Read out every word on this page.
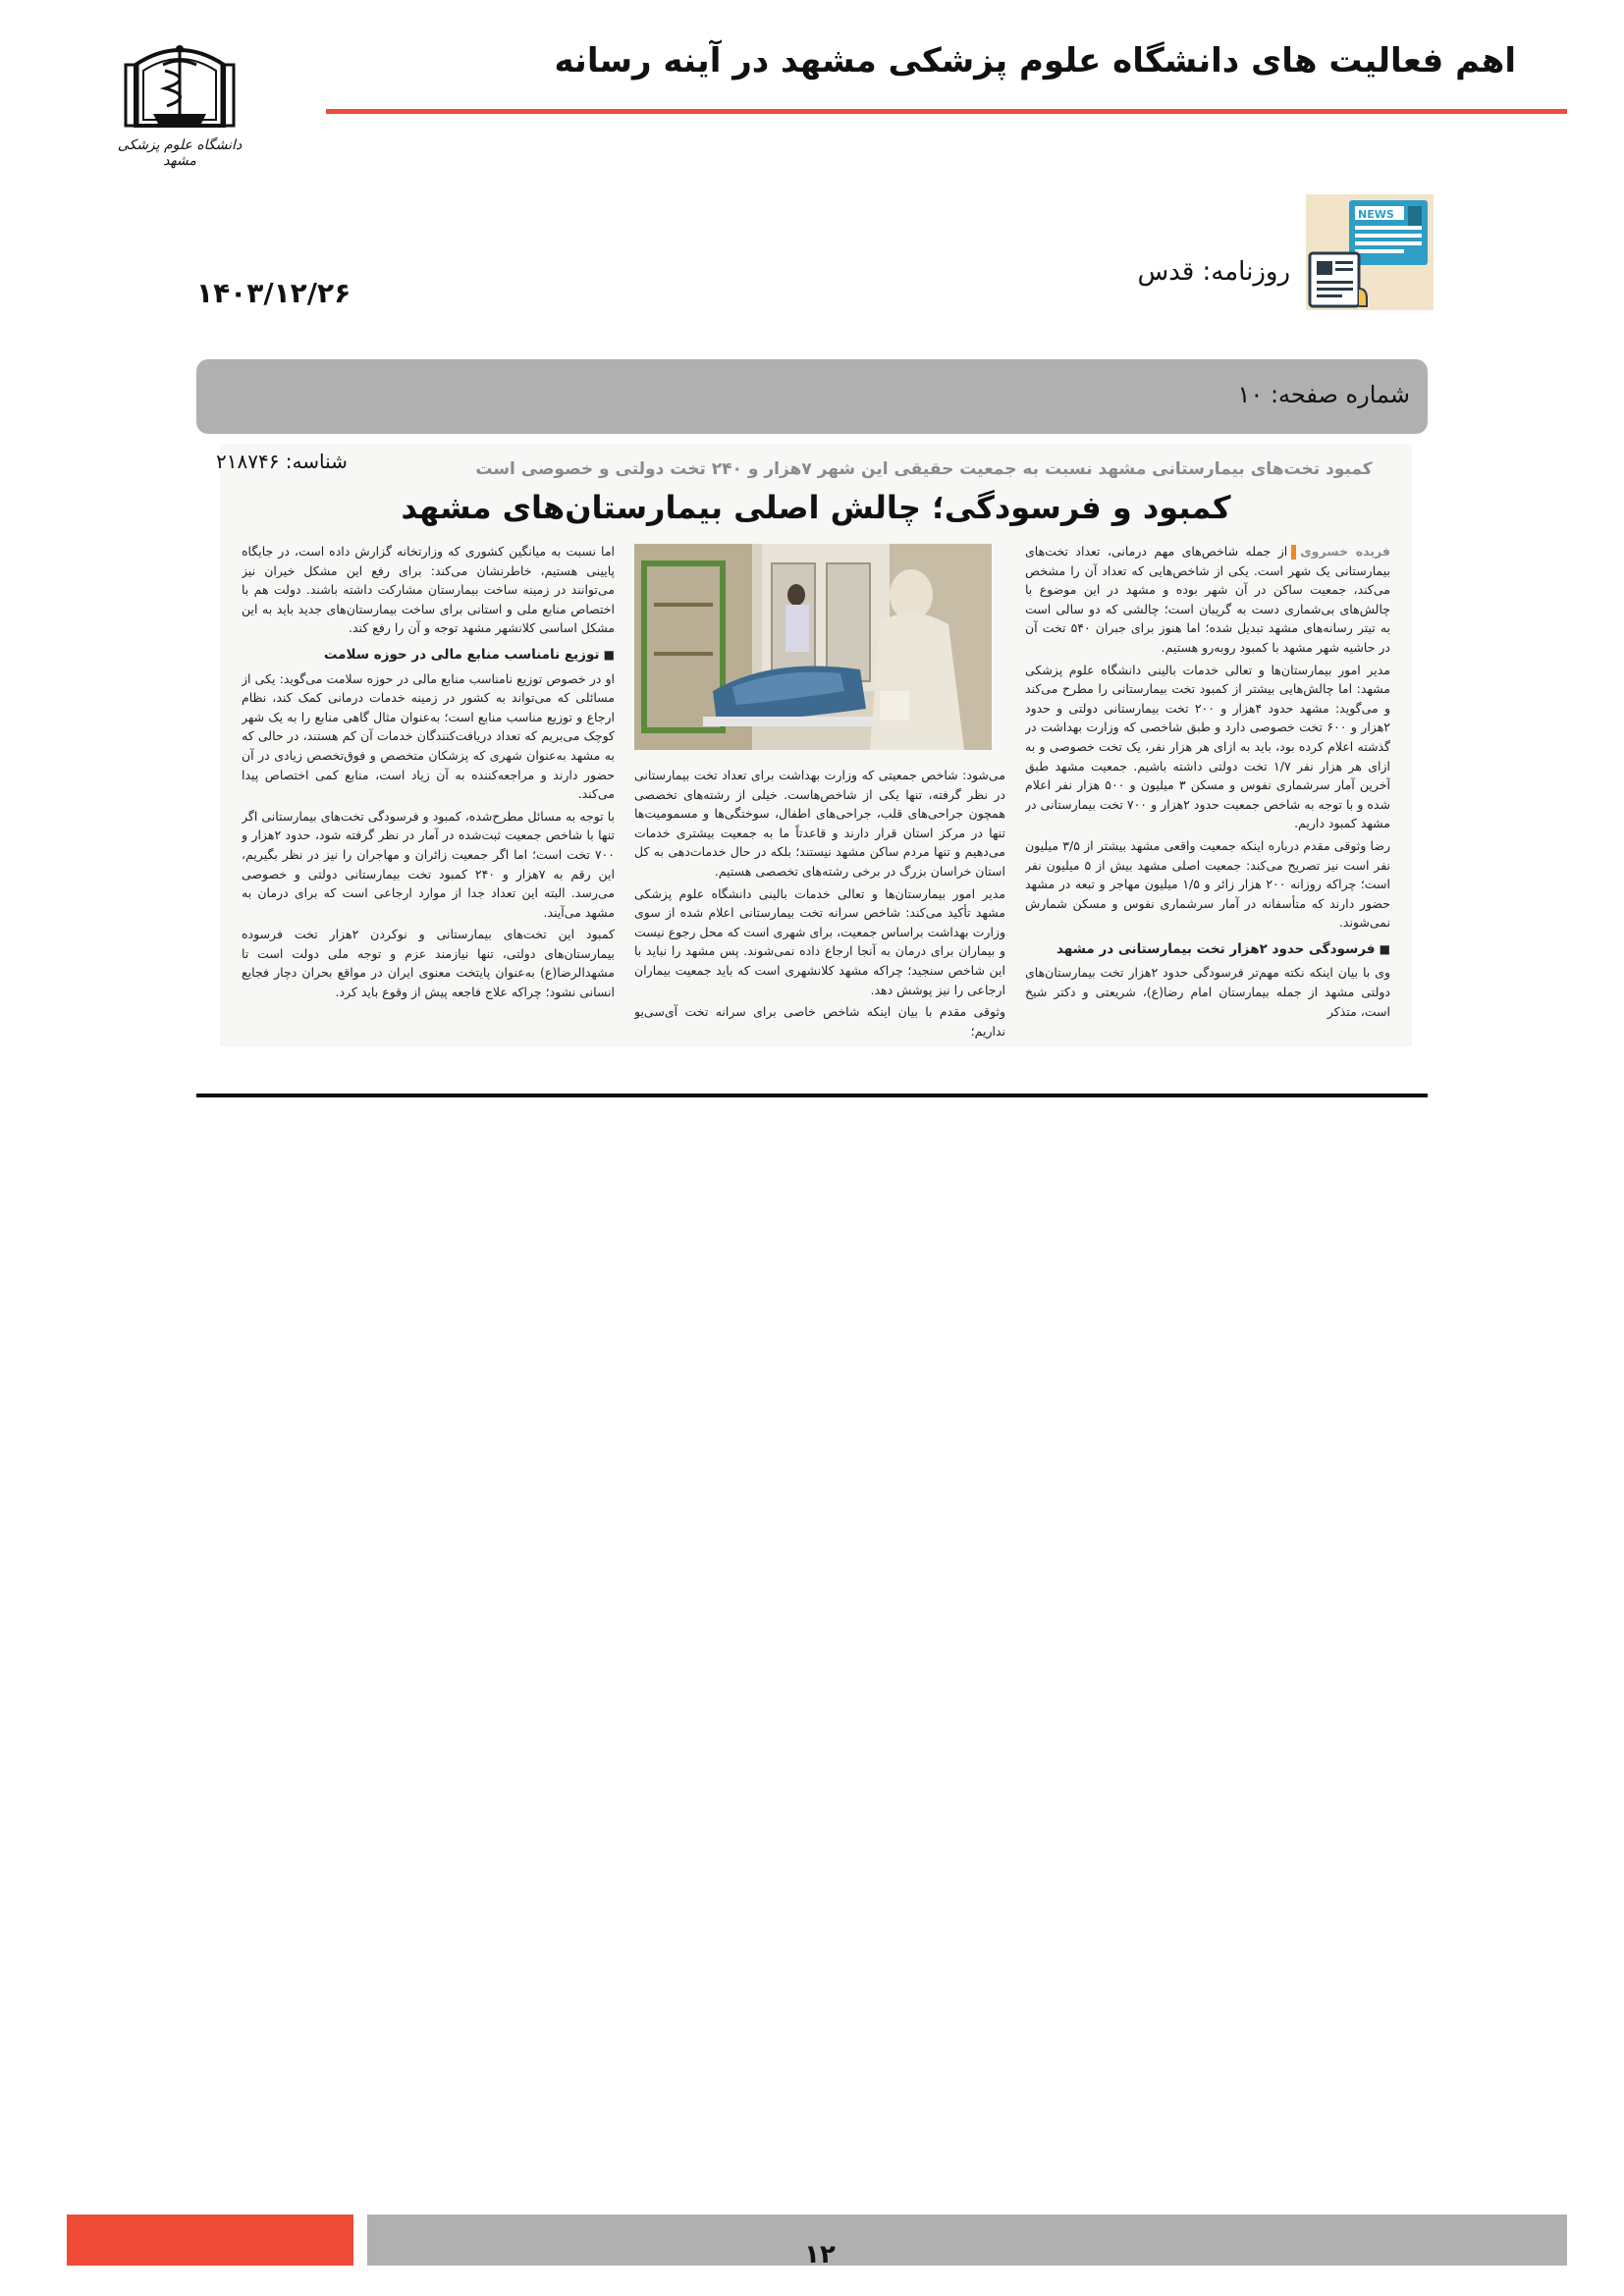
اهم فعالیت های دانشگاه علوم پزشکی مشهد در آینه رسانه
دانشگاه علوم پزشکی مشهد
NEWS
روزنامه: قدس
۱۴۰۳/۱۲/۲۶
شماره صفحه: ۱۰
کمبود تخت‌های بیمارستانی مشهد نسبت به جمعیت حقیقی این شهر ۷هزار و ۲۴۰ تخت دولتی و خصوصی است
کمبود و فرسودگی؛ چالش اصلی بیمارستان‌های مشهد

فریده خسرویاز جمله شاخص‌های مهم درمانی، تعداد تخت‌های بیمارستانی یک شهر است. یکی از شاخص‌هایی که تعداد آن را مشخص می‌کند، جمعیت ساکن در آن شهر بوده و مشهد در این موضوع با چالش‌های بی‌شماری دست به گریبان است؛ چالشی که دو سالی است به تیتر رسانه‌های مشهد تبدیل شده؛ اما هنوز برای جبران ۵۴۰ تخت آن در حاشیه شهر مشهد با کمبود روبه‌رو هستیم.

مدیر امور بیمارستان‌ها و تعالی خدمات بالینی دانشگاه علوم پزشکی مشهد: اما چالش‌هایی بیشتر از کمبود تخت بیمارستانی را مطرح می‌کند و می‌گوید: مشهد حدود ۴هزار و ۲۰۰ تخت بیمارستانی دولتی و حدود ۲هزار و ۶۰۰ تخت خصوصی دارد و طبق شاخصی که وزارت بهداشت در گذشته اعلام کرده بود، باید به ازای هر هزار نفر، یک تخت خصوصی و به ازای هر هزار نفر ۱/۷ تخت دولتی داشته باشیم. جمعیت مشهد طبق آخرین آمار سرشماری نفوس و مسکن ۳ میلیون و ۵۰۰ هزار نفر اعلام شده و با توجه به شاخص جمعیت حدود ۲هزار و ۷۰۰ تخت بیمارستانی در مشهد کمبود داریم.

رضا وثوقی مقدم درباره اینکه جمعیت واقعی مشهد بیشتر از ۳/۵ میلیون نفر است نیز تصریح می‌کند: جمعیت اصلی مشهد بیش از ۵ میلیون نفر است؛ چراکه روزانه ۲۰۰ هزار زائر و ۱/۵ میلیون مهاجر و تبعه در مشهد حضور دارند که متأسفانه در آمار سرشماری نفوس و مسکن شمارش نمی‌شوند.

■ فرسودگی حدود ۲هزار تخت بیمارستانی در مشهد

وی با بیان اینکه نکته مهم‌تر فرسودگی حدود ۲هزار تخت بیمارستان‌های دولتی مشهد از جمله بیمارستان امام رضا(ع)، شریعتی و دکتر شیخ است، متذکر

می‌شود: شاخص جمعیتی که وزارت بهداشت برای تعداد تخت بیمارستانی در نظر گرفته، تنها یکی از شاخص‌هاست. خیلی از رشته‌های تخصصی همچون جراحی‌های قلب، جراحی‌های اطفال، سوختگی‌ها و مسمومیت‌ها تنها در مرکز استان قرار دارند و قاعدتاً ما به جمعیت بیشتری خدمات می‌دهیم و تنها مردم ساکن مشهد نیستند؛ بلکه در حال خدمات‌دهی به کل استان خراسان بزرگ در برخی رشته‌های تخصصی هستیم.

مدیر امور بیمارستان‌ها و تعالی خدمات بالینی دانشگاه علوم پزشکی مشهد تأکید می‌کند: شاخص سرانه تخت بیمارستانی اعلام شده از سوی وزارت بهداشت براساس جمعیت، برای شهری است که محل رجوع نیست و بیماران برای درمان به آنجا ارجاع داده نمی‌شوند. پس مشهد را نباید با این شاخص سنجید؛ چراکه مشهد کلانشهری است که باید جمعیت بیماران ارجاعی را نیز پوشش دهد.

وثوقی مقدم با بیان اینکه شاخص خاصی برای سرانه تخت آی‌سی‌یو نداریم؛

اما نسبت به میانگین کشوری که وزارتخانه گزارش داده است، در جایگاه پایینی هستیم، خاطرنشان می‌کند: برای رفع این مشکل خیران نیز می‌توانند در زمینه ساخت بیمارستان مشارکت داشته باشند. دولت هم با اختصاص منابع ملی و استانی برای ساخت بیمارستان‌های جدید باید به این مشکل اساسی کلانشهر مشهد توجه و آن را رفع کند.

■ توزیع نامناسب منابع مالی در حوزه سلامت

او در خصوص توزیع نامناسب منابع مالی در حوزه سلامت می‌گوید: یکی از مسائلی که می‌تواند به کشور در زمینه خدمات درمانی کمک کند، نظام ارجاع و توزیع مناسب منابع است؛ به‌عنوان مثال گاهی منابع را به یک شهر کوچک می‌بریم که تعداد دریافت‌کنندگان خدمات آن کم هستند، در حالی که به مشهد به‌عنوان شهری که پزشکان متخصص و فوق‌تخصص زیادی در آن حضور دارند و مراجعه‌کننده به آن زیاد است، منابع کمی اختصاص پیدا می‌کند.

با توجه به مسائل مطرح‌شده، کمبود و فرسودگی تخت‌های بیمارستانی اگر تنها با شاخص جمعیت ثبت‌شده در آمار در نظر گرفته شود، حدود ۲هزار و ۷۰۰ تخت است؛ اما اگر جمعیت زائران و مهاجران را نیز در نظر بگیریم، این رقم به ۷هزار و ۲۴۰ کمبود تخت بیمارستانی دولتی و خصوصی می‌رسد. البته این تعداد جدا از موارد ارجاعی است که برای درمان به مشهد می‌آیند.

کمبود این تخت‌های بیمارستانی و نوکردن ۲هزار تخت فرسوده بیمارستان‌های دولتی، تنها نیازمند عزم و توجه ملی دولت است تا مشهدالرضا(ع) به‌عنوان پایتخت معنوی ایران در مواقع بحران دچار فجایع انسانی نشود؛ چراکه علاج فاجعه پیش از وقوع باید کرد.

شناسه: ۲۱۸۷۴۶
۱۲
